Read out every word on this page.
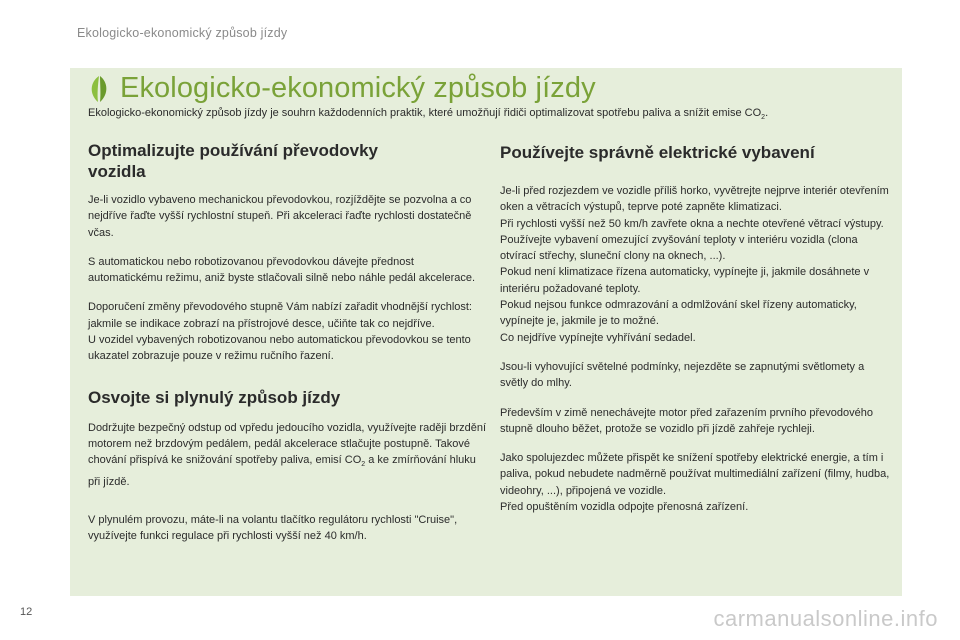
Ekologicko-ekonomický způsob jízdy
Ekologicko-ekonomický způsob jízdy
Ekologicko-ekonomický způsob jízdy je souhrn každodenních praktik, které umožňují řidiči optimalizovat spotřebu paliva a snížit emise $CO_2$.
Optimalizujte používání převodovky vozidla

Je-li vozidlo vybaveno mechanickou převodovkou, rozjíždějte se pozvolna a co nejdříve řaďte vyšší rychlostní stupeň. Při akceleraci řaďte rychlosti dostatečně včas.

S automatickou nebo robotizovanou převodovkou dávejte přednost automatickému režimu, aniž byste stlačovali silně nebo náhle pedál akcelerace.

Doporučení změny převodového stupně Vám nabízí zařadit vhodnější rychlost: jakmile se indikace zobrazí na přístrojové desce, učiňte tak co nejdříve.
U vozidel vybavených robotizovanou nebo automatickou převodovkou se tento ukazatel zobrazuje pouze v režimu ručního řazení.

Osvojte si plynulý způsob jízdy

Dodržujte bezpečný odstup od vpředu jedoucího vozidla, využívejte raději brzdění motorem než brzdovým pedálem, pedál akcelerace stlačujte postupně. Takové chování přispívá ke snižování spotřeby paliva, emisí $CO_2$ a ke zmírňování hluku při jízdě.

V plynulém provozu, máte-li na volantu tlačítko regulátoru rychlosti "Cruise", využívejte funkci regulace při rychlosti vyšší než 40 km/h.

Používejte správně elektrické vybavení

Je-li před rozjezdem ve vozidle příliš horko, vyvětrejte nejprve interiér otevřením oken a větracích výstupů, teprve poté zapněte klimatizaci.
Při rychlosti vyšší než 50 km/h zavřete okna a nechte otevřené větrací výstupy.
Používejte vybavení omezující zvyšování teploty v interiéru vozidla (clona otvírací střechy, sluneční clony na oknech, ...).
Pokud není klimatizace řízena automaticky, vypínejte ji, jakmile dosáhnete v interiéru požadované teploty.
Pokud nejsou funkce odmrazování a odmlžování skel řízeny automaticky, vypínejte je, jakmile je to možné.
Co nejdříve vypínejte vyhřívání sedadel.

Jsou-li vyhovující světelné podmínky, nejezděte se zapnutými světlomety a světly do mlhy.

Především v zimě nenechávejte motor před zařazením prvního převodového stupně dlouho běžet, protože se vozidlo při jízdě zahřeje rychleji.

Jako spolujezdec můžete přispět ke snížení spotřeby elektrické energie, a tím i paliva, pokud nebudete nadměrně používat multimediální zařízení (filmy, hudba, videohry, ...), připojená ve vozidle.
Před opuštěním vozidla odpojte přenosná zařízení.

12	carmanualsonline.info
